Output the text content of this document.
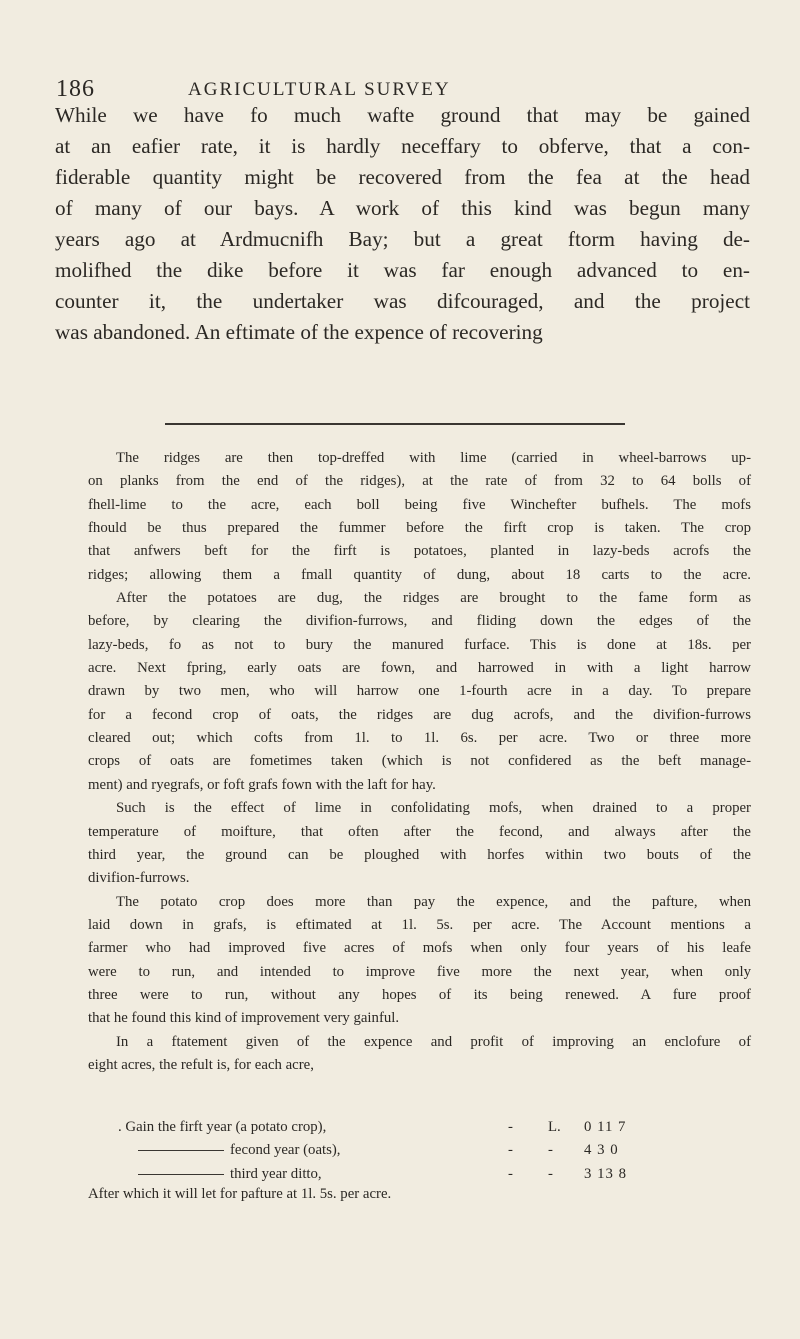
186	AGRICULTURAL SURVEY
While we have fo much wafte ground that may be gained
at an eafier rate, it is hardly neceffary to obferve, that a con-
fiderable quantity might be recovered from the fea at the head
of many of our bays. A work of this kind was begun many
years ago at Ardmucnifh Bay; but a great ftorm having de-
molifhed the dike before it was far enough advanced to en-
counter it, the undertaker was difcouraged, and the project
was abandoned. An eftimate of the expence of recovering
The ridges are then top-dreffed with lime (carried in wheel-barrows up-
on planks from the end of the ridges), at the rate of from 32 to 64 bolls of
fhell-lime to the acre, each boll being five Winchefter bufhels. The mofs
fhould be thus prepared the fummer before the firft crop is taken. The crop
that anfwers beft for the firft is potatoes, planted in lazy-beds acrofs the
ridges; allowing them a fmall quantity of dung, about 18 carts to the acre.
After the potatoes are dug, the ridges are brought to the fame form as
before, by clearing the divifion-furrows, and fliding down the edges of the
lazy-beds, fo as not to bury the manured furface. This is done at 18s. per
acre. Next fpring, early oats are fown, and harrowed in with a light harrow
drawn by two men, who will harrow one 1-fourth acre in a day. To prepare
for a fecond crop of oats, the ridges are dug acrofs, and the divifion-furrows
cleared out; which cofts from 1l. to 1l. 6s. per acre. Two or three more
crops of oats are fometimes taken (which is not confidered as the beft manage-
ment) and ryegrafs, or foft grafs fown with the laft for hay.
Such is the effect of lime in confolidating mofs, when drained to a proper
temperature of moifture, that often after the fecond, and always after the
third year, the ground can be ploughed with horfes within two bouts of the
divifion-furrows.
The potato crop does more than pay the expence, and the pafture, when
laid down in grafs, is eftimated at 1l. 5s. per acre. The Account mentions a
farmer who had improved five acres of mofs when only four years of his leafe
were to run, and intended to improve five more the next year, when only
three were to run, without any hopes of its being renewed. A fure proof
that he found this kind of improvement very gainful.
In a ftatement given of the expence and profit of improving an enclofure of
eight acres, the refult is, for each acre,
. Gain the firft year (a potato crop),	- L. 0 11 7
fecond year (oats),	- - 4 3 0
third year ditto,	- - 3 13 8
After which it will let for pafture at 1l. 5s. per acre.
